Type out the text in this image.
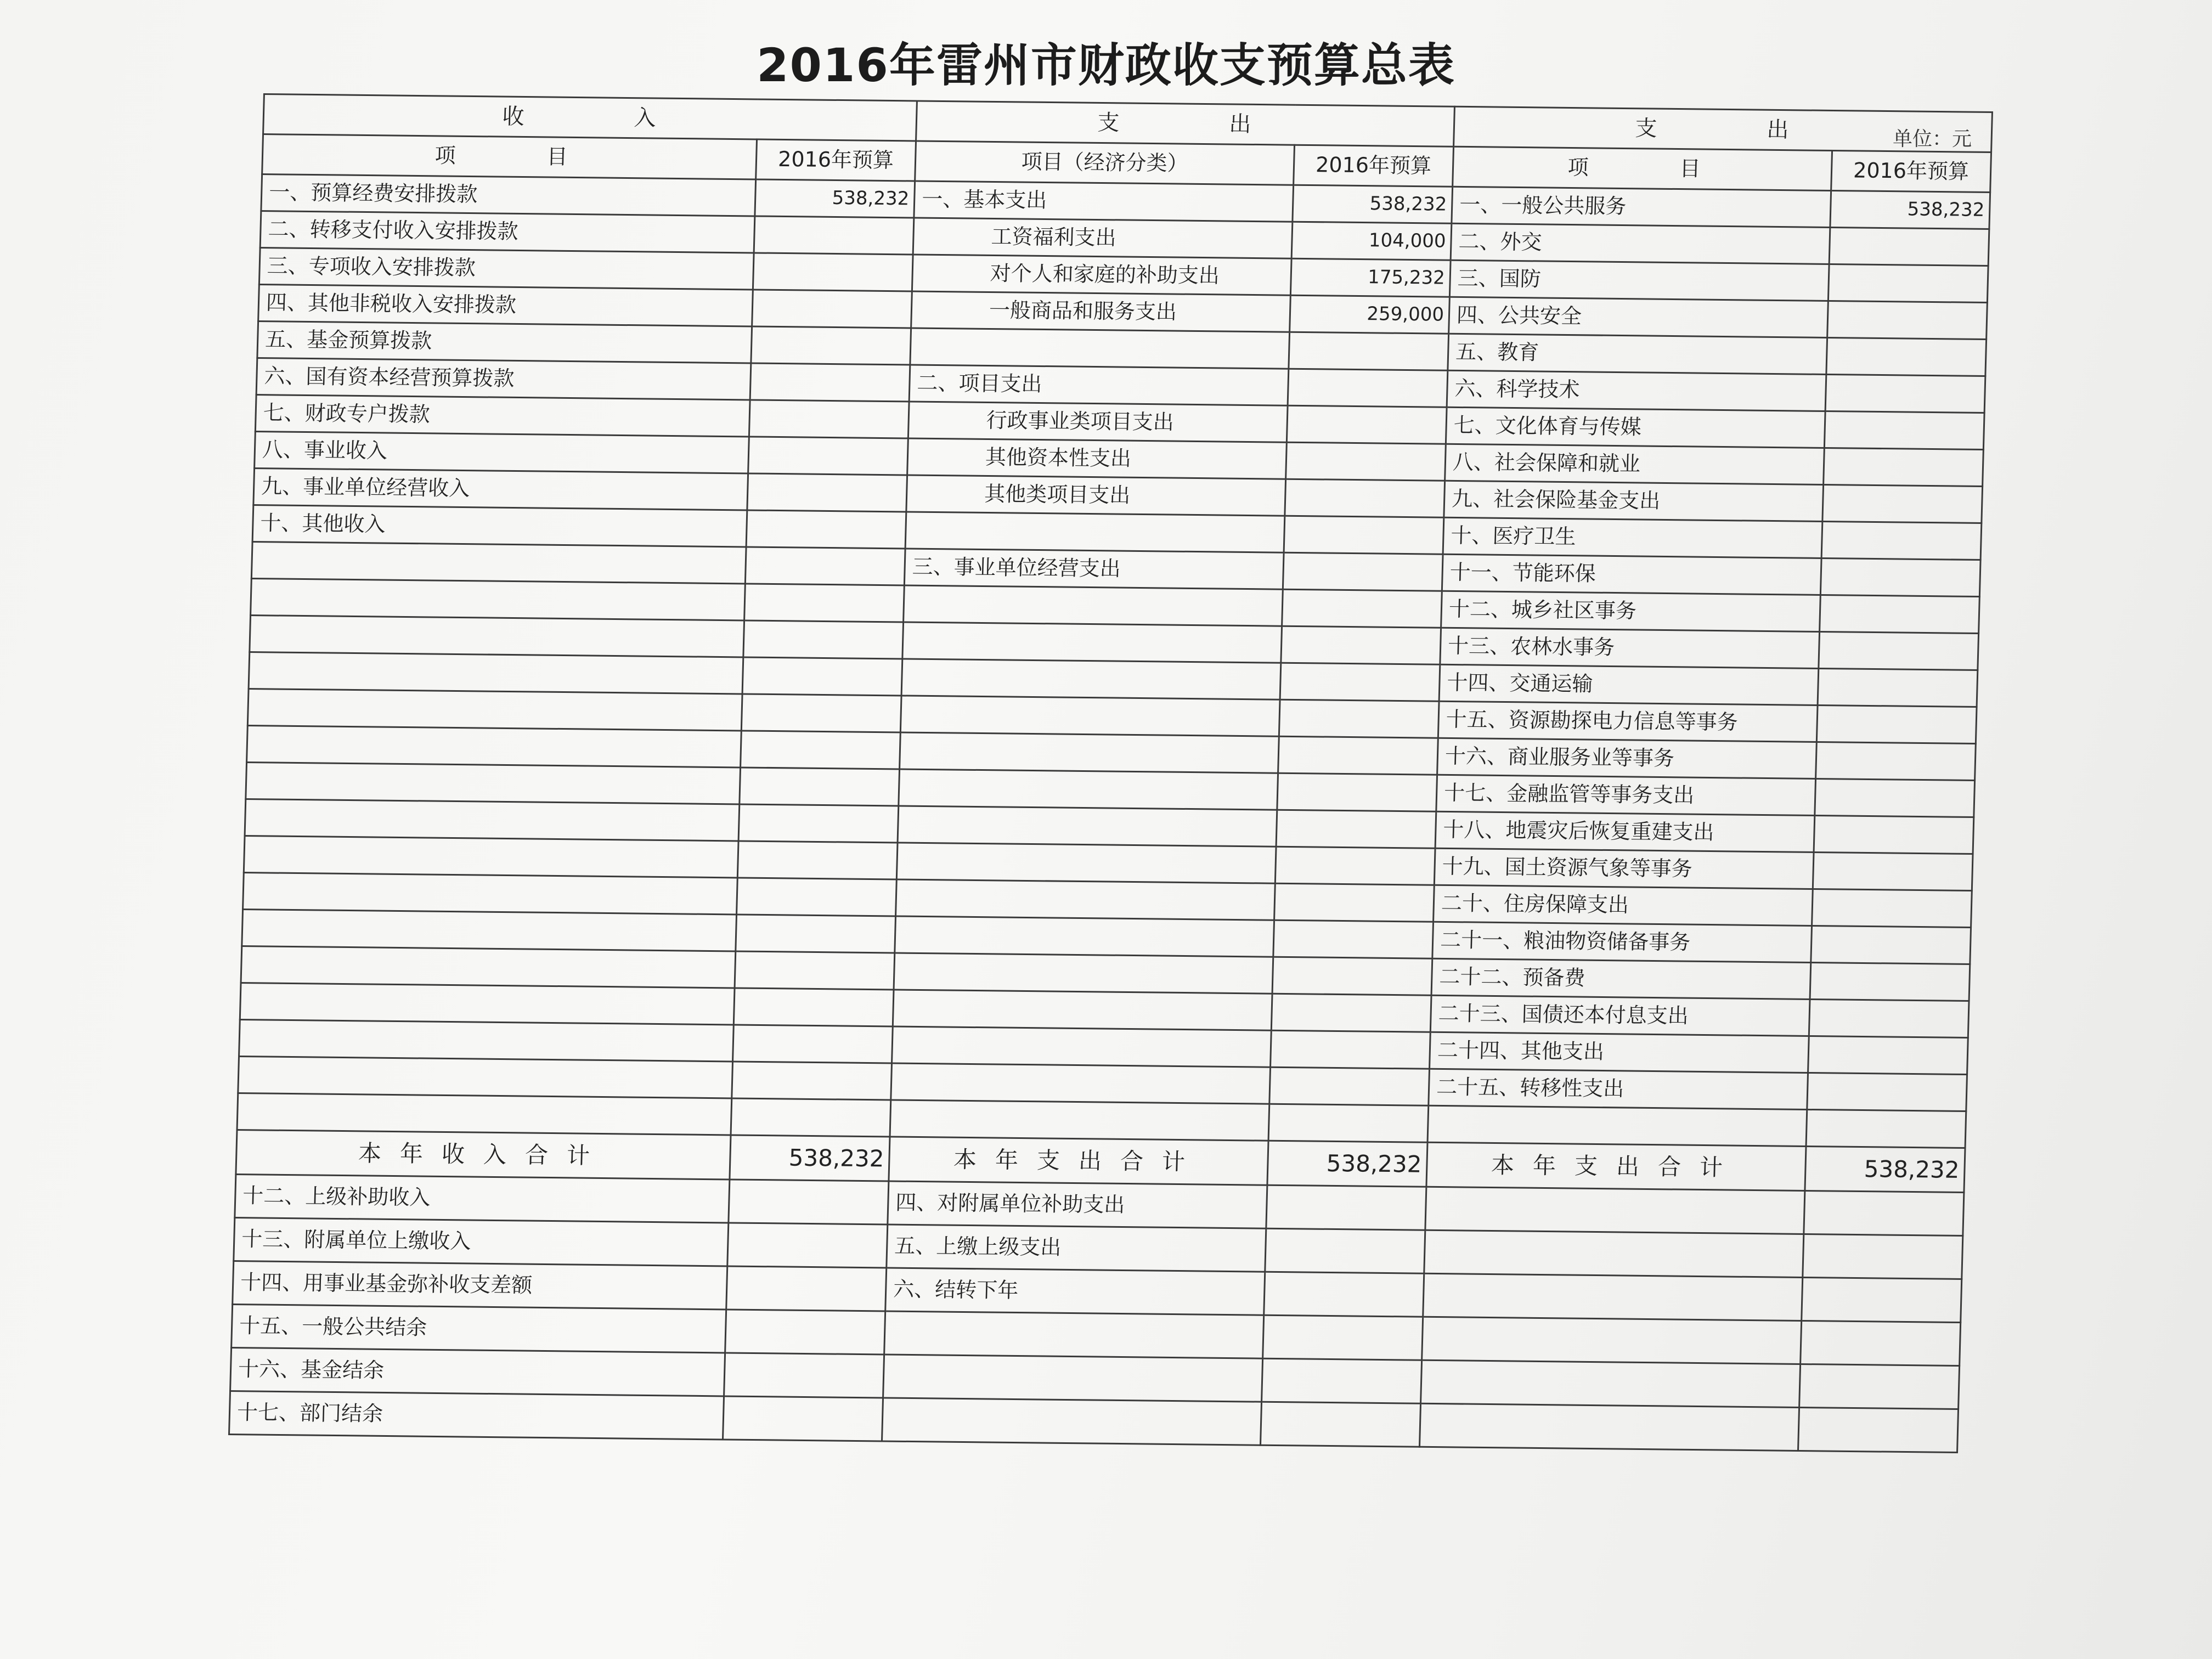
2016年雷州市财政收支预算总表
单位：元
收　　入		支　　出		支　　出	
项　　目	2016年预算	项目（经济分类）	2016年预算	项　　目	2016年预算
一、预算经费安排拨款	538,232	一、基本支出	538,232	一、一般公共服务	538,232
二、转移支付收入安排拨款		工资福利支出	104,000	二、外交	
三、专项收入安排拨款		对个人和家庭的补助支出	175,232	三、国防	
四、其他非税收入安排拨款		一般商品和服务支出	259,000	四、公共安全	
五、基金预算拨款				五、教育	
六、国有资本经营预算拨款		二、项目支出		六、科学技术	
七、财政专户拨款		行政事业类项目支出		七、文化体育与传媒	
八、事业收入		其他资本性支出		八、社会保障和就业	
九、事业单位经营收入		其他类项目支出		九、社会保险基金支出	
十、其他收入				十、医疗卫生	
		三、事业单位经营支出		十一、节能环保	
				十二、城乡社区事务	
				十三、农林水事务	
				十四、交通运输	
				十五、资源勘探电力信息等事务	
				十六、商业服务业等事务	
				十七、金融监管等事务支出	
				十八、地震灾后恢复重建支出	
				十九、国土资源气象等事务	
				二十、住房保障支出	
				二十一、粮油物资储备事务	
				二十二、预备费	
				二十三、国债还本付息支出	
				二十四、其他支出	
				二十五、转移性支出	

本年收入合计	538,232	本年支出合计	538,232	本年支出合计	538,232
十二、上级补助收入		四、对附属单位补助支出			
十三、附属单位上缴收入		五、上缴上级支出			
十四、用事业基金弥补收支差额		六、结转下年			
十五、一般公共结余					
十六、基金结余					
十七、部门结余					
